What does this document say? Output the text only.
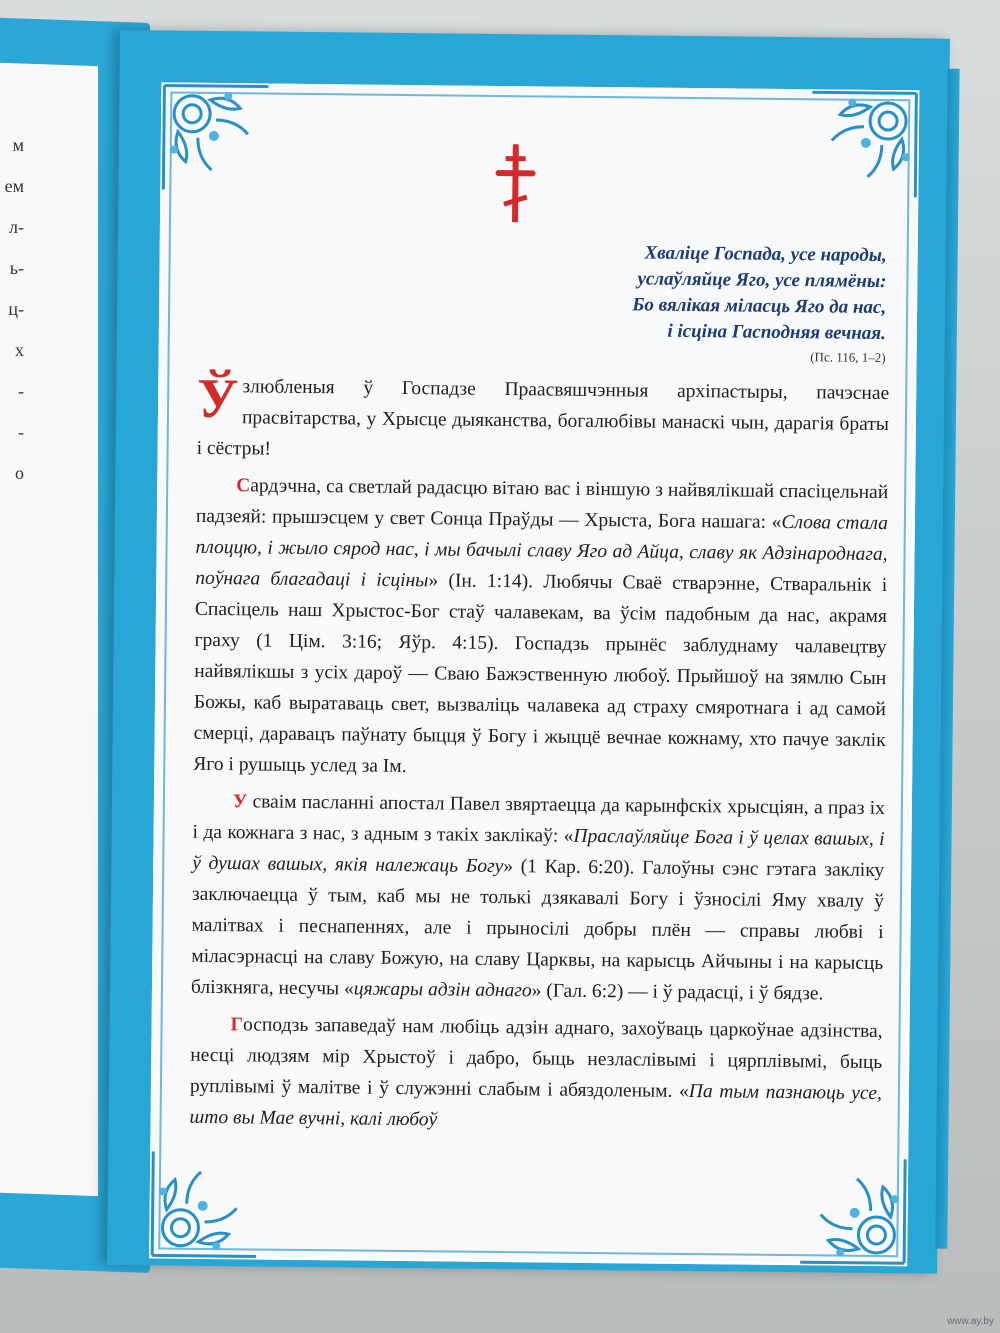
м
ем
л-
ь-
ц-
х
-
-
о
Хваліце Госпада, усе народы,
услаўляйце Яго, усе плямёны:
Бо вялікая міласць Яго да нас,
і ісціна Гасподняя вечная.
(Пс. 116, 1–2)

Ўзлюбленыя ў Госпадзе Праасвяшчэнныя архіпастыры, пачэснае прасвітарства, у Хрысце дыяканства, богалюбівы манаскі чын, дарагія браты і сёстры!

Сардэчна, са светлай радасцю вітаю вас і віншую з найвялікшай спасіцельнай падзеяй: прышэсцем у свет Сонца Праўды — Хрыста, Бога нашага: «Слова стала плоццю, і жыло сярод нас, і мы бачылі славу Яго ад Айца, славу як Адзінароднага, поўнага благадаці і ісціны» (Ін. 1:14). Любячы Сваё стварэнне, Стваральнік і Спасіцель наш Хрыстос-Бог стаў чалавекам, ва ўсім падобным да нас, акрамя граху (1 Цім. 3:16; Яўр. 4:15). Госпадзь прынёс заблуднаму чалавецтву найвялікшы з усіх дароў — Сваю Бажэственную любоў. Прыйшоў на зямлю Сын Божы, каб выратаваць свет, вызваліць чалавека ад страху смяротнага і ад самой смерці, даравацъ паўнату быцця ў Богу і жыццё вечнае кожнаму, хто пачуе заклік Яго і рушыць услед за Ім.

У сваім пасланні апостал Павел звяртаецца да карынфскіх хрысціян, а праз іх і да кожнага з нас, з адным з такіх заклікаў: «Праслаўляйце Бога і ў целах вашых, і ў душах вашых, якія належаць Богу» (1 Кар. 6:20). Галоўны сэнс гэтага закліку заключаецца ў тым, каб мы не толькі дзякавалі Богу і ўзносілі Яму хвалу ў малітвах і песнапеннях, але і прыносілі добры плён — справы любві і міласэрнасці на славу Божую, на славу Царквы, на карысць Айчыны і на карысць блізкняга, несучы «цяжары адзін аднаго» (Гал. 6:2) — і ў радасці, і ў бядзе.

Господзь запаведаў нам любіць адзін аднаго, захоўваць царкоўнае адзінства, несці людзям мір Хрыстоў і дабро, быць незласлівымі і цярплівымі, быць руплівымі ў малітве і ў служэнні слабым і абяздоленым. «Па тым пазнаюць усе, што вы Мае вучні, калі любоў

www.ay.by
